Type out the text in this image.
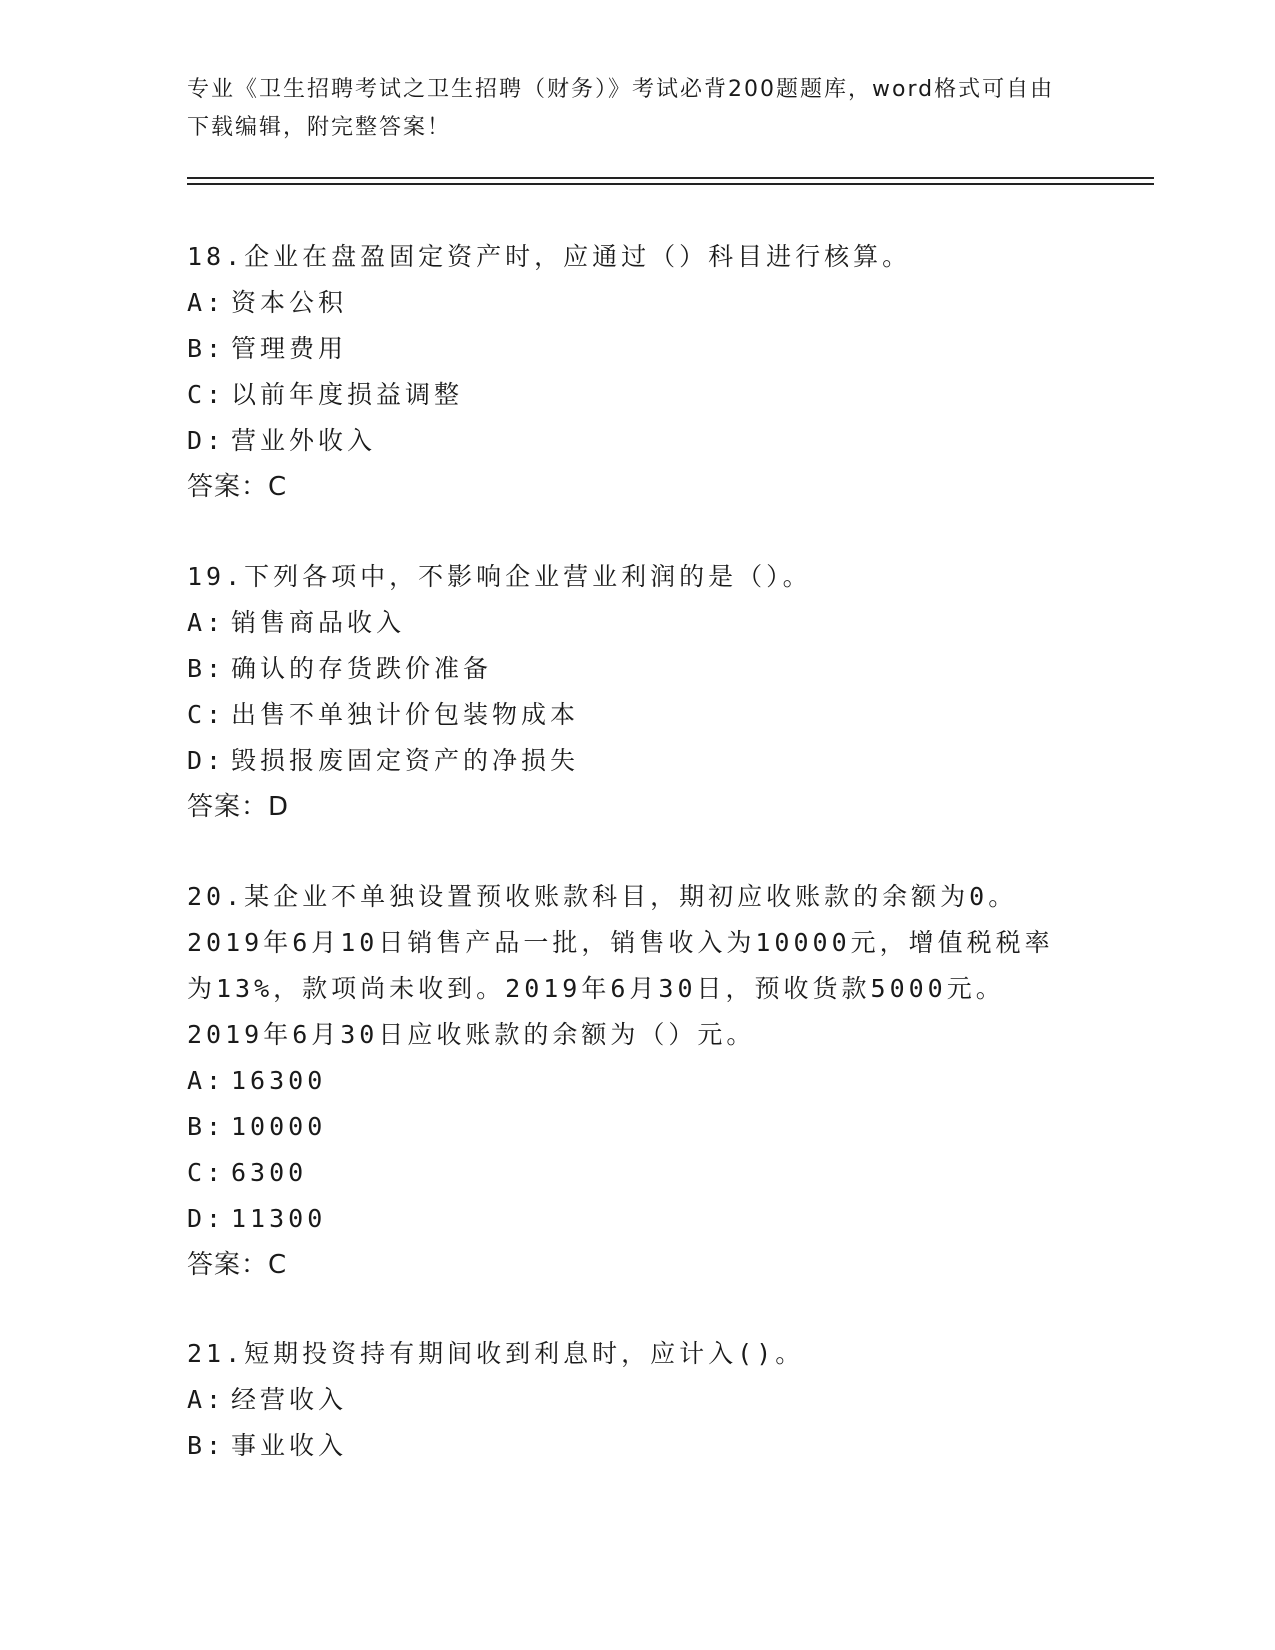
专业《卫生招聘考试之卫生招聘（财务）》考试必背200题题库，word格式可自由下载编辑，附完整答案！
18.企业在盘盈固定资产时，应通过（）科目进行核算。
A: 资本公积
B: 管理费用
C: 以前年度损益调整
D: 营业外收入
答案：C
19.下列各项中，不影响企业营业利润的是（）。
A: 销售商品收入
B: 确认的存货跌价准备
C: 出售不单独计价包装物成本
D: 毁损报废固定资产的净损失
答案：D
20.某企业不单独设置预收账款科目，期初应收账款的余额为0。2019年6月10日销售产品一批，销售收入为10000元，增值税税率为13%，款项尚未收到。2019年6月30日，预收货款5000元。2019年6月30日应收账款的余额为（）元。
A: 16300
B: 10000
C: 6300
D: 11300
答案：C
21.短期投资持有期间收到利息时，应计入()。
A: 经营收入
B: 事业收入
